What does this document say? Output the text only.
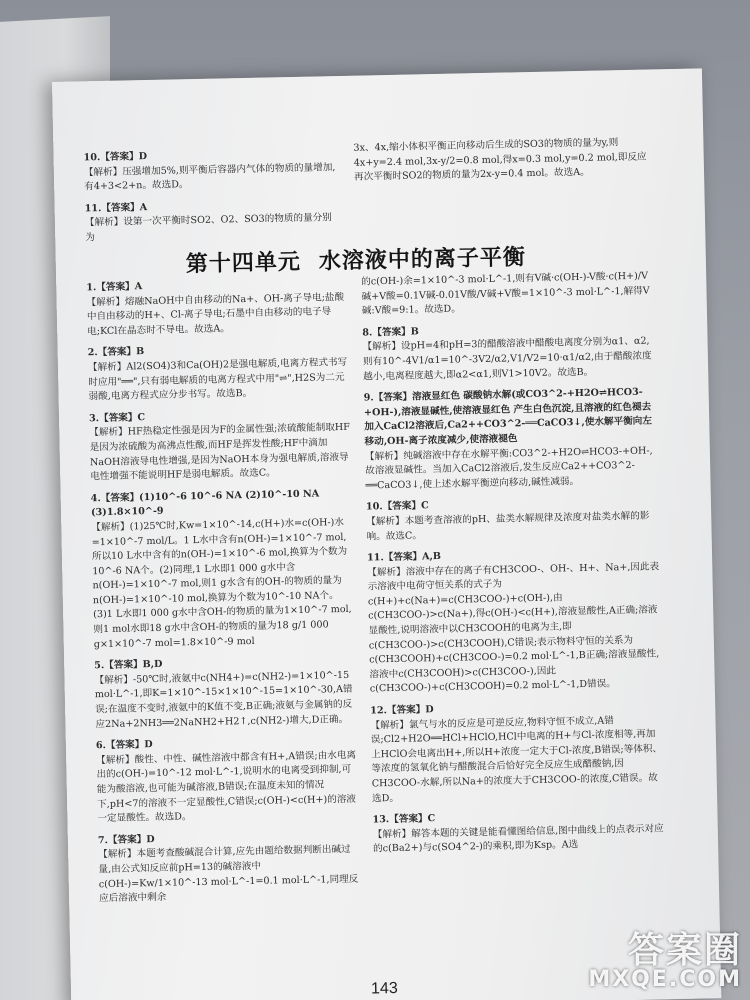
10.【答案】D
【解析】压强增加5%,则平衡后容器内气体的物质的量增加,有4+3<2+n。故选D。
11.【答案】A
【解析】设第一次平衡时SO2、O2、SO3的物质的量分别为
3x、4x,缩小体积平衡正向移动后生成的SO3的物质的量为y,则4x+y=2.4 mol,3x-y/2=0.8 mol,得x=0.3 mol,y=0.2 mol,即反应再次平衡时SO2的物质的量为2x-y=0.4 mol。故选A。
第十四单元 水溶液中的离子平衡
1.【答案】A
【解析】熔融NaOH中自由移动的Na+、OH-离子导电;盐酸中自由移动的H+、Cl-离子导电;石墨中自由移动的电子导电;KCl在晶态时不导电。故选A。
2.【答案】B
【解析】Al2(SO4)3和Ca(OH)2是强电解质,电离方程式书写时应用"══",只有弱电解质的电离方程式中用"⇌",H2S为二元弱酸,电离方程式应分步书写。故选B。
3.【答案】C
【解析】HF热稳定性强是因为F的金属性强;浓硫酸能制取HF是因为浓硫酸为高沸点性酸,而HF是挥发性酸;HF中滴加NaOH溶液导电性增强,是因为NaOH本身为强电解质,溶液导电性增强不能说明HF是弱电解质。故选C。
4.【答案】(1)10^-6 10^-6 NA (2)10^-10 NA (3)1.8×10^-9
【解析】(1)25℃时,Kw=1×10^-14,c(H+)水=c(OH-)水=1×10^-7 mol/L。1 L水中含有n(OH-)=1×10^-7 mol,所以10 L水中含有的n(OH-)=1×10^-6 mol,换算为个数为10^-6 NA个。(2)同理,1 L水即1 000 g水中含n(OH-)=1×10^-7 mol,则1 g水含有的OH-的物质的量为n(OH-)=1×10^-10 mol,换算为个数为10^-10 NA个。(3)1 L水即1 000 g水中含OH-的物质的量为1×10^-7 mol,则1 mol水即18 g水中含OH-的物质的量为18 g/1 000 g×1×10^-7 mol=1.8×10^-9 mol
5.【答案】B,D
【解析】-50℃时,液氨中c(NH4+)=c(NH2-)=1×10^-15 mol·L^-1,即K=1×10^-15×1×10^-15=1×10^-30,A错误;在温度不变时,液氨中的K值不变,B正确;液氨与金属钠的反应2Na+2NH3══2NaNH2+H2↑,c(NH2-)增大,D正确。
6.【答案】D
【解析】酸性、中性、碱性溶液中都含有H+,A错误;由水电离出的c(OH-)=10^-12 mol·L^-1,说明水的电离受到抑制,可能为酸溶液,也可能为碱溶液,B错误;在温度未知的情况下,pH<7的溶液不一定显酸性,C错误;c(OH-)<c(H+)的溶液一定显酸性。故选D。
7.【答案】D
【解析】本题考查酸碱混合计算,应先由题给数据判断出碱过量,由公式知反应前pH=13的碱溶液中c(OH-)=Kw/1×10^-13 mol·L^-1=0.1 mol·L^-1,同理反应后溶液中剩余
的c(OH-)余=1×10^-3 mol·L^-1,则有V碱·c(OH-)-V酸·c(H+)/V碱+V酸=0.1V碱-0.01V酸/V碱+V酸=1×10^-3 mol·L^-1,解得V碱:V酸=9:1。故选D。
8.【答案】B
【解析】设pH=4和pH=3的醋酸溶液中醋酸电离度分别为α1、α2,则有10^-4V1/α1=10^-3V2/α2,V1/V2=10·α1/α2,由于醋酸浓度越小,电离程度越大,即α2<α1,则V1>10V2。故选B。
9.【答案】溶液显红色 碳酸钠水解(或CO3^2-+H2O⇌HCO3-+OH-),溶液显碱性,使溶液显红色 产生白色沉淀,且溶液的红色褪去 加入CaCl2溶液后,Ca2++CO3^2-══CaCO3↓,使水解平衡向左移动,OH-离子浓度减少,使溶液褪色
【解析】纯碱溶液中存在水解平衡:CO3^2-+H2O⇌HCO3-+OH-,故溶液显碱性。当加入CaCl2溶液后,发生反应Ca2++CO3^2-══CaCO3↓,使上述水解平衡逆向移动,碱性减弱。
10.【答案】C
【解析】本题考查溶液的pH、盐类水解规律及浓度对盐类水解的影响。故选C。
11.【答案】A,B
【解析】溶液中存在的离子有CH3COO-、OH-、H+、Na+,因此表示溶液中电荷守恒关系的式子为c(H+)+c(Na+)=c(CH3COO-)+c(OH-),由c(CH3COO-)>c(Na+),得c(OH-)<c(H+),溶液显酸性,A正确;溶液显酸性,说明溶液中以CH3COOH的电离为主,即c(CH3COO-)>c(CH3COOH),C错误;表示物料守恒的关系为c(CH3COOH)+c(CH3COO-)=0.2 mol·L^-1,B正确;溶液显酸性,溶液中c(CH3COOH)>c(CH3COO-),因此c(CH3COO-)+c(CH3COOH)=0.2 mol·L^-1,D错误。
12.【答案】D
【解析】氯气与水的反应是可逆反应,物料守恒不成立,A错误;Cl2+H2O══HCl+HClO,HCl中电离的H+与Cl-浓度相等,再加上HClO会电离出H+,所以H+浓度一定大于Cl-浓度,B错误;等体积、等浓度的氢氧化钠与醋酸混合后恰好完全反应生成醋酸钠,因CH3COO-水解,所以Na+的浓度大于CH3COO-的浓度,C错误。故选D。
13.【答案】C
【解析】解答本题的关键是能看懂图给信息,图中曲线上的点表示对应的c(Ba2+)与c(SO4^2-)的乘积,即为Ksp。A选
143
答案圈
MXQE.COM
